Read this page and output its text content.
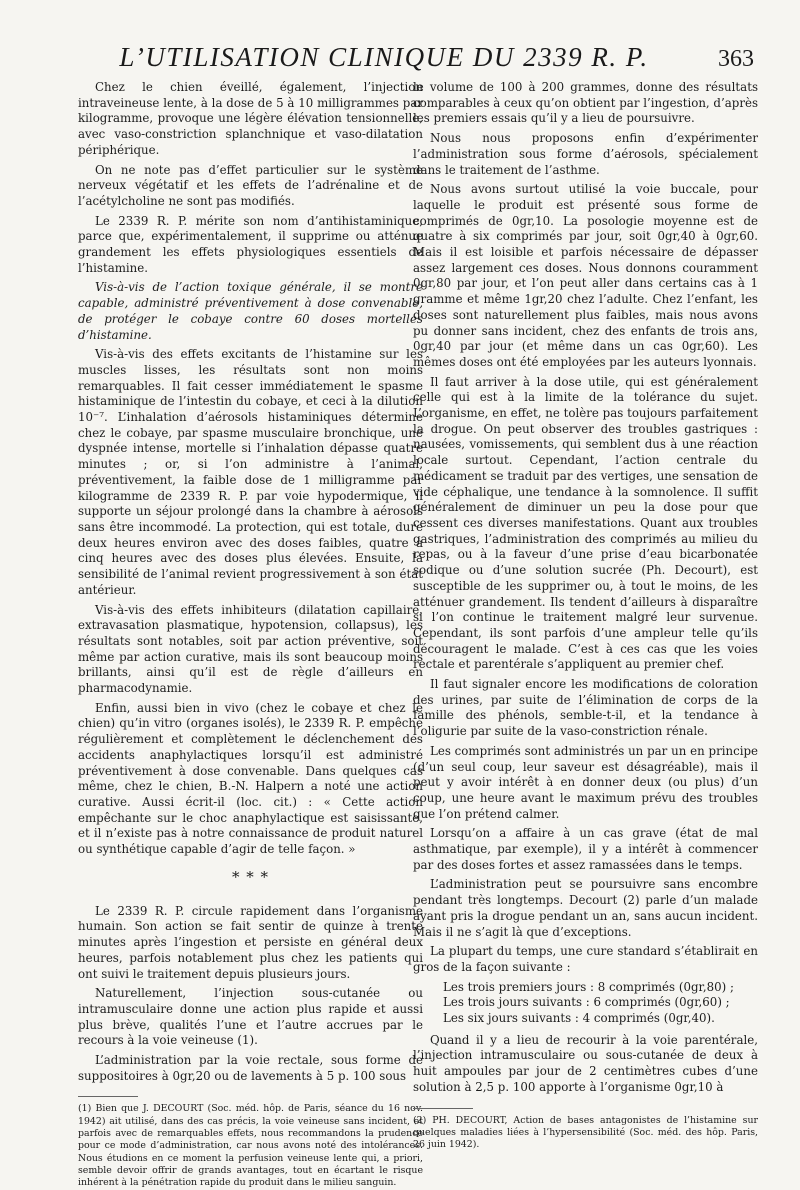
L’UTILISATION CLINIQUE DU 2339 R. P.	363

Chez le chien éveillé, également, l’injection intraveineuse lente, à la dose de 5 à 10 milligrammes par kilogramme, provoque une légère élévation tensionnelle, avec vaso-constriction splanchnique et vaso-dilatation périphérique.

On ne note pas d’effet particulier sur le système nerveux végétatif et les effets de l’adrénaline et de l’acétylcholine ne sont pas modifiés.

Le 2339 R. P. mérite son nom d’antihistaminique, parce que, expérimentalement, il supprime ou atténue grandement les effets physiologiques essentiels de l’histamine.

Vis-à-vis de l’action toxique générale, il se montre capable, administré préventivement à dose convenable, de protéger le cobaye contre 60 doses mortelles d’histamine.

Vis-à-vis des effets excitants de l’histamine sur les muscles lisses, les résultats sont non moins remarquables. Il fait cesser immédiatement le spasme histaminique de l’intestin du cobaye, et ceci à la dilution 10⁻⁷. L’inhalation d’aérosols histaminiques détermine chez le cobaye, par spasme musculaire bronchique, une dyspnée intense, mortelle si l’inhalation dépasse quatre minutes ; or, si l’on administre à l’animal, préventivement, la faible dose de 1 milligramme par kilogramme de 2339 R. P. par voie hypodermique, il supporte un séjour prolongé dans la chambre à aérosols sans être incommodé. La protection, qui est totale, dure deux heures environ avec des doses faibles, quatre à cinq heures avec des doses plus élevées. Ensuite, la sensibilité de l’animal revient progressivement à son état antérieur.

Vis-à-vis des effets inhibiteurs (dilatation capillaire, extravasation plasmatique, hypotension, collapsus), les résultats sont notables, soit par action préventive, soit même par action curative, mais ils sont beaucoup moins brillants, ainsi qu’il est de règle d’ailleurs en pharmacodynamie.

Enfin, aussi bien in vivo (chez le cobaye et chez le chien) qu’in vitro (organes isolés), le 2339 R. P. empêche régulièrement et complètement le déclenchement des accidents anaphylactiques lorsqu’il est administré préventivement à dose convenable. Dans quelques cas même, chez le chien, B.-N. Halpern a noté une action curative. Aussi écrit-il (loc. cit.) : « Cette action empêchante sur le choc anaphylactique est saisissante, et il n’existe pas à notre connaissance de produit naturel ou synthétique capable d’agir de telle façon. »

* * *

Le 2339 R. P. circule rapidement dans l’organisme humain. Son action se fait sentir de quinze à trente minutes après l’ingestion et persiste en général deux heures, parfois notablement plus chez les patients qui ont suivi le traitement depuis plusieurs jours.

Naturellement, l’injection sous-cutanée ou intramusculaire donne une action plus rapide et aussi plus brève, qualités l’une et l’autre accrues par le recours à la voie veineuse (1).

L’administration par la voie rectale, sous forme de suppositoires à 0gr,20 ou de lavements à 5 p. 100 sous

(1) Bien que J. DECOURT (Soc. méd. hôp. de Paris, séance du 16 nov. 1942) ait utilisé, dans des cas précis, la voie veineuse sans incident, et parfois avec de remarquables effets, nous recommandons la prudence pour ce mode d’administration, car nous avons noté des intolérances. Nous étudions en ce moment la perfusion veineuse lente qui, a priori, semble devoir offrir de grands avantages, tout en écartant le risque inhérent à la pénétration rapide du produit dans le milieu sanguin.

le volume de 100 à 200 grammes, donne des résultats comparables à ceux qu’on obtient par l’ingestion, d’après les premiers essais qu’il y a lieu de poursuivre.

Nous nous proposons enfin d’expérimenter l’administration sous forme d’aérosols, spécialement dans le traitement de l’asthme.

Nous avons surtout utilisé la voie buccale, pour laquelle le produit est présenté sous forme de comprimés de 0gr,10. La posologie moyenne est de quatre à six comprimés par jour, soit 0gr,40 à 0gr,60. Mais il est loisible et parfois nécessaire de dépasser assez largement ces doses. Nous donnons couramment 0gr,80 par jour, et l’on peut aller dans certains cas à 1 gramme et même 1gr,20 chez l’adulte. Chez l’enfant, les doses sont naturellement plus faibles, mais nous avons pu donner sans incident, chez des enfants de trois ans, 0gr,40 par jour (et même dans un cas 0gr,60). Les mêmes doses ont été employées par les auteurs lyonnais.

Il faut arriver à la dose utile, qui est généralement celle qui est à la limite de la tolérance du sujet. L’organisme, en effet, ne tolère pas toujours parfaitement la drogue. On peut observer des troubles gastriques : nausées, vomissements, qui semblent dus à une réaction locale surtout. Cependant, l’action centrale du médicament se traduit par des vertiges, une sensation de vide céphalique, une tendance à la somnolence. Il suffit généralement de diminuer un peu la dose pour que cessent ces diverses manifestations. Quant aux troubles gastriques, l’administration des comprimés au milieu du repas, ou à la faveur d’une prise d’eau bicarbonatée sodique ou d’une solution sucrée (Ph. Decourt), est susceptible de les supprimer ou, à tout le moins, de les atténuer grandement. Ils tendent d’ailleurs à disparaître si l’on continue le traitement malgré leur survenue. Cependant, ils sont parfois d’une ampleur telle qu’ils découragent le malade. C’est à ces cas que les voies rectale et parentérale s’appliquent au premier chef.

Il faut signaler encore les modifications de coloration des urines, par suite de l’élimination de corps de la famille des phénols, semble-t-il, et la tendance à l’oligurie par suite de la vaso-constriction rénale.

Les comprimés sont administrés un par un en principe (d’un seul coup, leur saveur est désagréable), mais il peut y avoir intérêt à en donner deux (ou plus) d’un coup, une heure avant le maximum prévu des troubles que l’on prétend calmer.

Lorsqu’on a affaire à un cas grave (état de mal asthmatique, par exemple), il y a intérêt à commencer par des doses fortes et assez ramassées dans le temps.

L’administration peut se poursuivre sans encombre pendant très longtemps. Decourt (2) parle d’un malade ayant pris la drogue pendant un an, sans aucun incident. Mais il ne s’agit là que d’exceptions.

La plupart du temps, une cure standard s’établirait en gros de la façon suivante :

Les trois premiers jours : 8 comprimés (0gr,80) ;
Les trois jours suivants : 6 comprimés (0gr,60) ;
Les six jours suivants : 4 comprimés (0gr,40).

Quand il y a lieu de recourir à la voie parentérale, l’injection intramusculaire ou sous-cutanée de deux à huit ampoules par jour de 2 centimètres cubes d’une solution à 2,5 p. 100 apporte à l’organisme 0gr,10 à

(2) PH. DECOURT, Action de bases antagonistes de l’histamine sur quelques maladies liées à l’hypersensibilité (Soc. méd. des hôp. Paris, 26 juin 1942).
